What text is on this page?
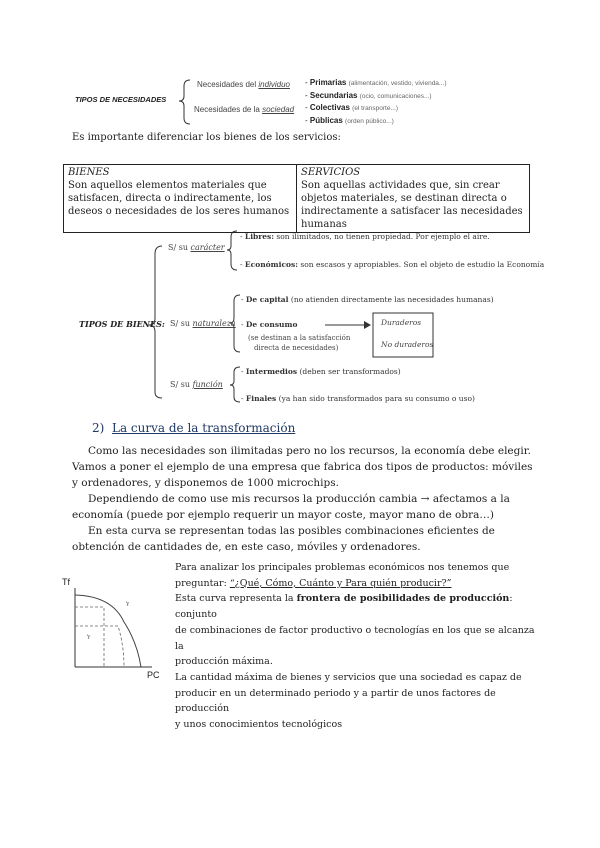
TIPOS DE NECESIDADES
Necesidades del individuo
Necesidades de la sociedad
- Primarias (alimentación, vestido, vivienda...)
- Secundarias (ocio, comunicaciones...)
- Colectivas (el transporte...)
- Públicas (orden público...)
Es importante diferenciar los bienes de los servicios:
BIENES
Son aquellos elementos materiales que satisfacen, directa o indirectamente, los deseos o necesidades de los seres humanos

SERVICIOS
Son aquellas actividades que, sin crear objetos materiales, se destinan directa o indirectamente a satisfacer las necesidades humanas
TIPOS DE BIENES:
S/ su carácter
S/ su naturaleza
S/ su función
- Libres: son ilimitados, no tienen propiedad. Por ejemplo el aire.
- Económicos: son escasos y apropiables. Son el objeto de estudio la Economía
- De capital (no atienden directamente las necesidades humanas)
- De consumo
(se destinan a la satisfacción
directa de necesidades)
Duraderos
No duraderos
- Intermedios (deben ser transformados)
- Finales (ya han sido transformados para su consumo o uso)
2) La curva de la transformación
Como las necesidades son ilimitadas pero no los recursos, la economía debe elegir. Vamos a poner el ejemplo de una empresa que fabrica dos tipos de productos: móviles y ordenadores, y disponemos de 1000 microchips.
Dependiendo de como use mis recursos la producción cambia → afectamos a la economía (puede por ejemplo requerir un mayor coste, mayor mano de obra…)
En esta curva se representan todas las posibles combinaciones eficientes de obtención de cantidades de, en este caso, móviles y ordenadores.
Tf
PC
'r
'r
Para analizar los principales problemas económicos nos tenemos que
preguntar: “¿Qué, Cómo, Cuánto y Para quién producir?”
Esta curva representa la frontera de posibilidades de producción: conjunto
de combinaciones de factor productivo o tecnologías en los que se alcanza la
producción máxima.
La cantidad máxima de bienes y servicios que una sociedad es capaz de
producir en un determinado periodo y a partir de unos factores de producción
y unos conocimientos tecnológicos
